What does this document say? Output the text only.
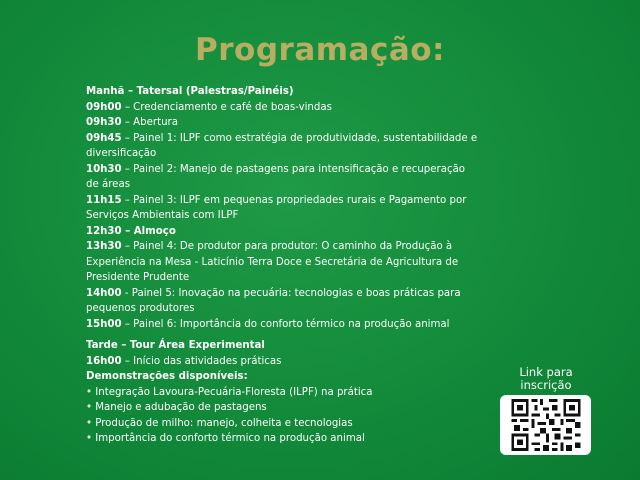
Programação:
Manhã – Tatersal (Palestras/Painéis)
09h00 – Credenciamento e café de boas-vindas
09h30 – Abertura
09h45 – Painel 1: ILPF como estratégia de produtividade, sustentabilidade e
diversificação
10h30 – Painel 2: Manejo de pastagens para intensificação e recuperação
de áreas
11h15 – Painel 3: ILPF em pequenas propriedades rurais e Pagamento por
Serviços Ambientais com ILPF
12h30 – Almoço
13h30 – Painel 4: De produtor para produtor: O caminho da Produção à
Experiência na Mesa - Laticínio Terra Doce e Secretária de Agricultura de
Presidente Prudente
14h00 - Painel 5: Inovação na pecuária: tecnologias e boas práticas para
pequenos produtores
15h00 – Painel 6: Importância do conforto térmico na produção animal
Tarde – Tour Área Experimental
16h00 – Início das atividades práticas
Demonstrações disponíveis:
• Integração Lavoura-Pecuária-Floresta (ILPF) na prática
• Manejo e adubação de pastagens
• Produção de milho: manejo, colheita e tecnologias
• Importância do conforto térmico na produção animal
Link para
inscrição
